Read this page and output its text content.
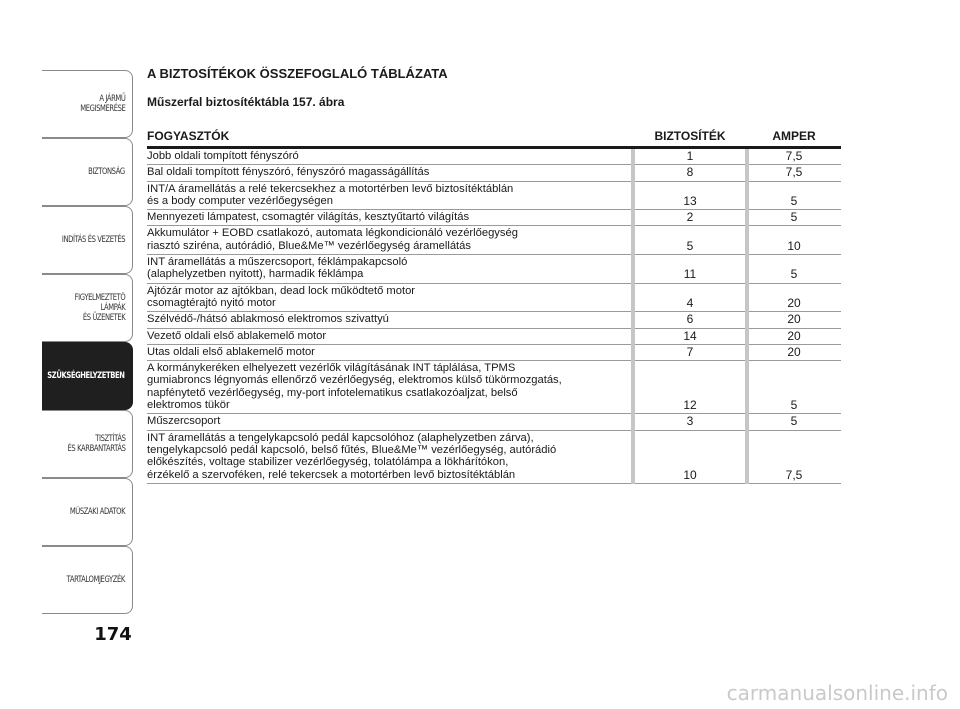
A JÁRMŰ
MEGISMERÉSE
BIZTONSÁG
INDÍTÁS ÉS VEZETÉS
FIGYELMEZTETŐ
LÁMPÁK
ÉS ÜZENETEK
SZÜKSÉGHELYZETBEN
TISZTÍTÁS
ÉS KARBANTARTÁS
MŰSZAKI ADATOK
TARTALOMJEGYZÉK
174
A BIZTOSÍTÉKOK ÖSSZEFOGLALÓ TÁBLÁZATA
Műszerfal biztosítéktábla 157. ábra
FOGYASZTÓK	BIZTOSÍTÉK	AMPER
Jobb oldali tompított fényszóró	1	7,5
Bal oldali tompított fényszóró, fényszóró magasságállítás	8	7,5
INT/A áramellátás a relé tekercsekhez a motortérben levő biztosítéktáblán
és a body computer vezérlőegységen	13	5
Mennyezeti lámpatest, csomagtér világítás, kesztyűtartó világítás	2	5
Akkumulátor + EOBD csatlakozó, automata légkondicionáló vezérlőegység
riasztó sziréna, autórádió, Blue&Me™ vezérlőegység áramellátás	5	10
INT áramellátás a műszercsoport, féklámpakapcsoló
(alaphelyzetben nyitott), harmadik féklámpa	11	5
Ajtózár motor az ajtókban, dead lock működtető motor
csomagtérajtó nyitó motor	4	20
Szélvédő-/hátsó ablakmosó elektromos szivattyú	6	20
Vezető oldali első ablakemelő motor	14	20
Utas oldali első ablakemelő motor	7	20
A kormánykeréken elhelyezett vezérlők világításának INT táplálása, TPMS
gumiabroncs légnyomás ellenőrző vezérlőegység, elektromos külső tükörmozgatás,
napfénytető vezérlőegység, my-port infotelematikus csatlakozóaljzat, belső
elektromos tükör	12	5
Műszercsoport	3	5
INT áramellátás a tengelykapcsoló pedál kapcsolóhoz (alaphelyzetben zárva),
tengelykapcsoló pedál kapcsoló, belső fűtés, Blue&Me™ vezérlőegység, autórádió
előkészítés, voltage stabilizer vezérlőegység, tolatólámpa a lökhárítókon,
érzékelő a szervoféken, relé tekercsek a motortérben levő biztosítéktáblán	10	7,5
carmanualsonline.info
